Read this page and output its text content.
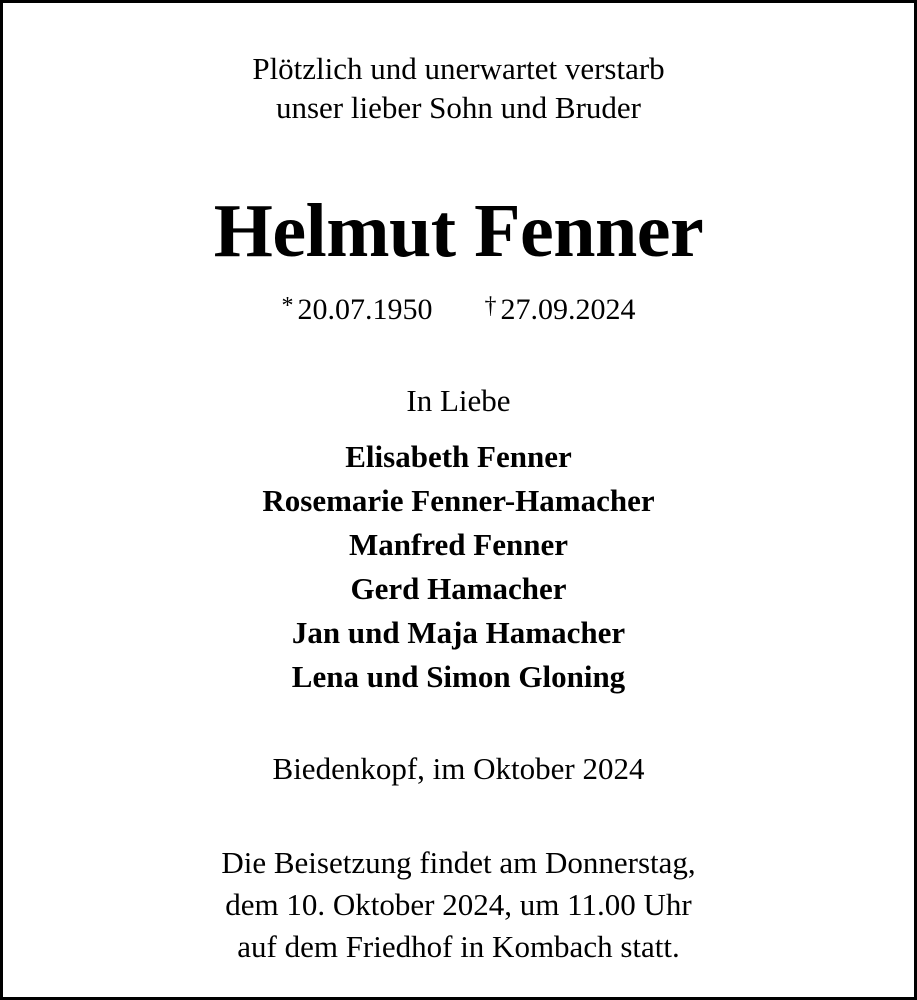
Plötzlich und unerwartet verstarb
unser lieber Sohn und Bruder
Helmut Fenner
* 20.07.1950 † 27.09.2024
In Liebe
Elisabeth Fenner
Rosemarie Fenner-Hamacher
Manfred Fenner
Gerd Hamacher
Jan und Maja Hamacher
Lena und Simon Gloning
Biedenkopf, im Oktober 2024
Die Beisetzung findet am Donnerstag,
dem 10. Oktober 2024, um 11.00 Uhr
auf dem Friedhof in Kombach statt.
